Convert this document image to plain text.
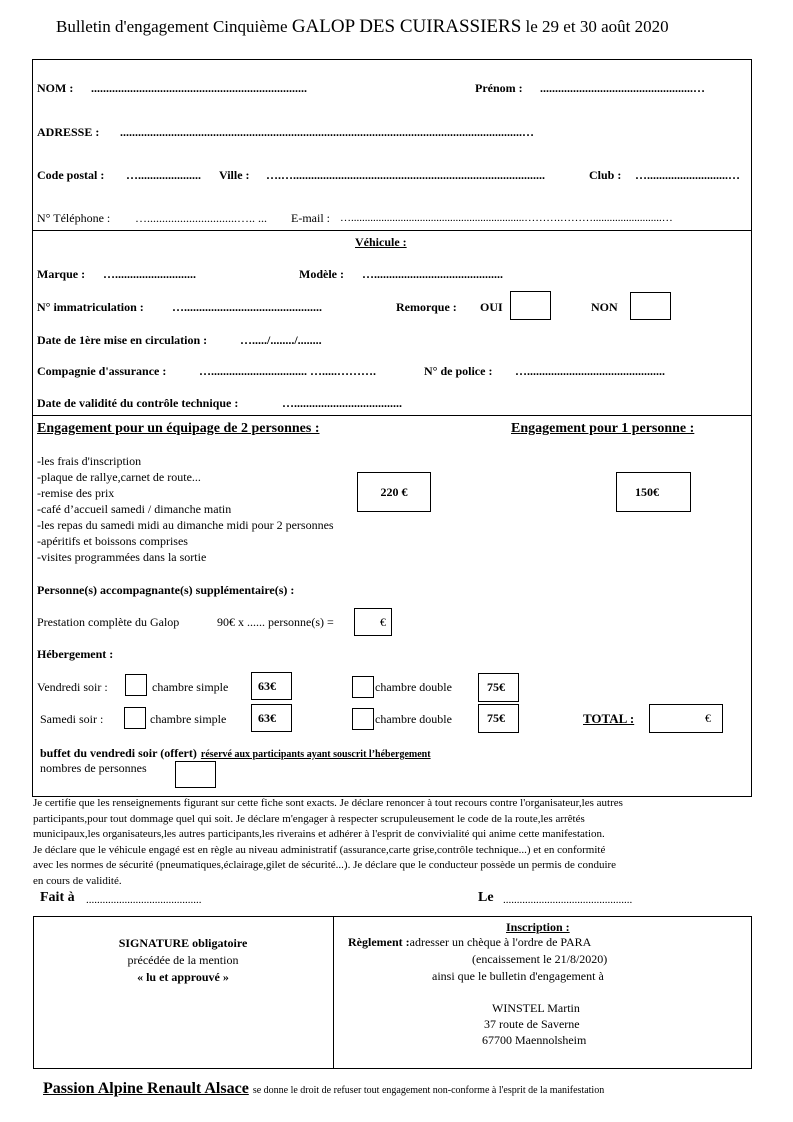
Bulletin d'engagement Cinquième GALOP DES CUIRASSIERS le 29 et 30 août 2020
NOM : ........................................................................	Prénom : ...................................................…
ADRESSE : ......................................................................................................................................…
Code postal : …..................... Ville : ….…....................................................................................	Club : …...........................…
N° Téléphone : …..............................….. ... E-mail : …...............................................................……….……….........................…
Véhicule :
Marque : …...........................	Modèle : …...........................................
N° immatriculation : …..............................................	Remorque : OUI	NON
Date de 1ère mise en circulation :	…...../......../........
Compagnie d'assurance :	…................................ ….....……….	N° de police : …..............................................
Date de validité du contrôle technique :	…....................................
Engagement pour un équipage de 2 personnes :	Engagement pour 1 personne :
-les frais d'inscription
-plaque de rallye,carnet de route...
-remise des prix
-café d’accueil samedi / dimanche matin
-les repas du samedi midi au dimanche midi pour 2 personnes
-apéritifs et boissons comprises
-visites programmées dans la sortie
220 €	150€
Personne(s) accompagnante(s) supplémentaire(s) :
Prestation complète du Galop	90€ x ...... personne(s) =	€
Hébergement :
Vendredi soir :	chambre simple	63€	chambre double	75€
Samedi soir :	chambre simple	63€	chambre double	75€	TOTAL :	€
buffet du vendredi soir (offert) réservé aux participants ayant souscrit l’hébergement
nombres de personnes
Je certifie que les renseignements figurant sur cette fiche sont exacts. Je déclare renoncer à tout recours contre l'organisateur,les autres
participants,pour tout dommage quel qui soit. Je déclare m'engager à respecter scrupuleusement le code de la route,les arrêtés
municipaux,les organisateurs,les autres participants,les riverains et adhérer à l'esprit de convivialité qui anime cette manifestation.
Je déclare que le véhicule engagé est en règle au niveau administratif (assurance,carte grise,contrôle technique...) et en conformité
avec les normes de sécurité (pneumatiques,éclairage,gilet de sécurité...). Je déclare que le conducteur possède un permis de conduire
en cours de validité.
Fait à ..........................................	Le ...............................................
SIGNATURE obligatoire
précédée de la mention
« lu et approuvé »
Inscription :
Règlement :adresser un chèque à l'ordre de PARA
(encaissement le 21/8/2020)
ainsi que le bulletin d'engagement à
WINSTEL Martin
37 route de Saverne
67700 Maennolsheim
Passion Alpine Renault Alsace se donne le droit de refuser tout engagement non-conforme à l'esprit de la manifestation
